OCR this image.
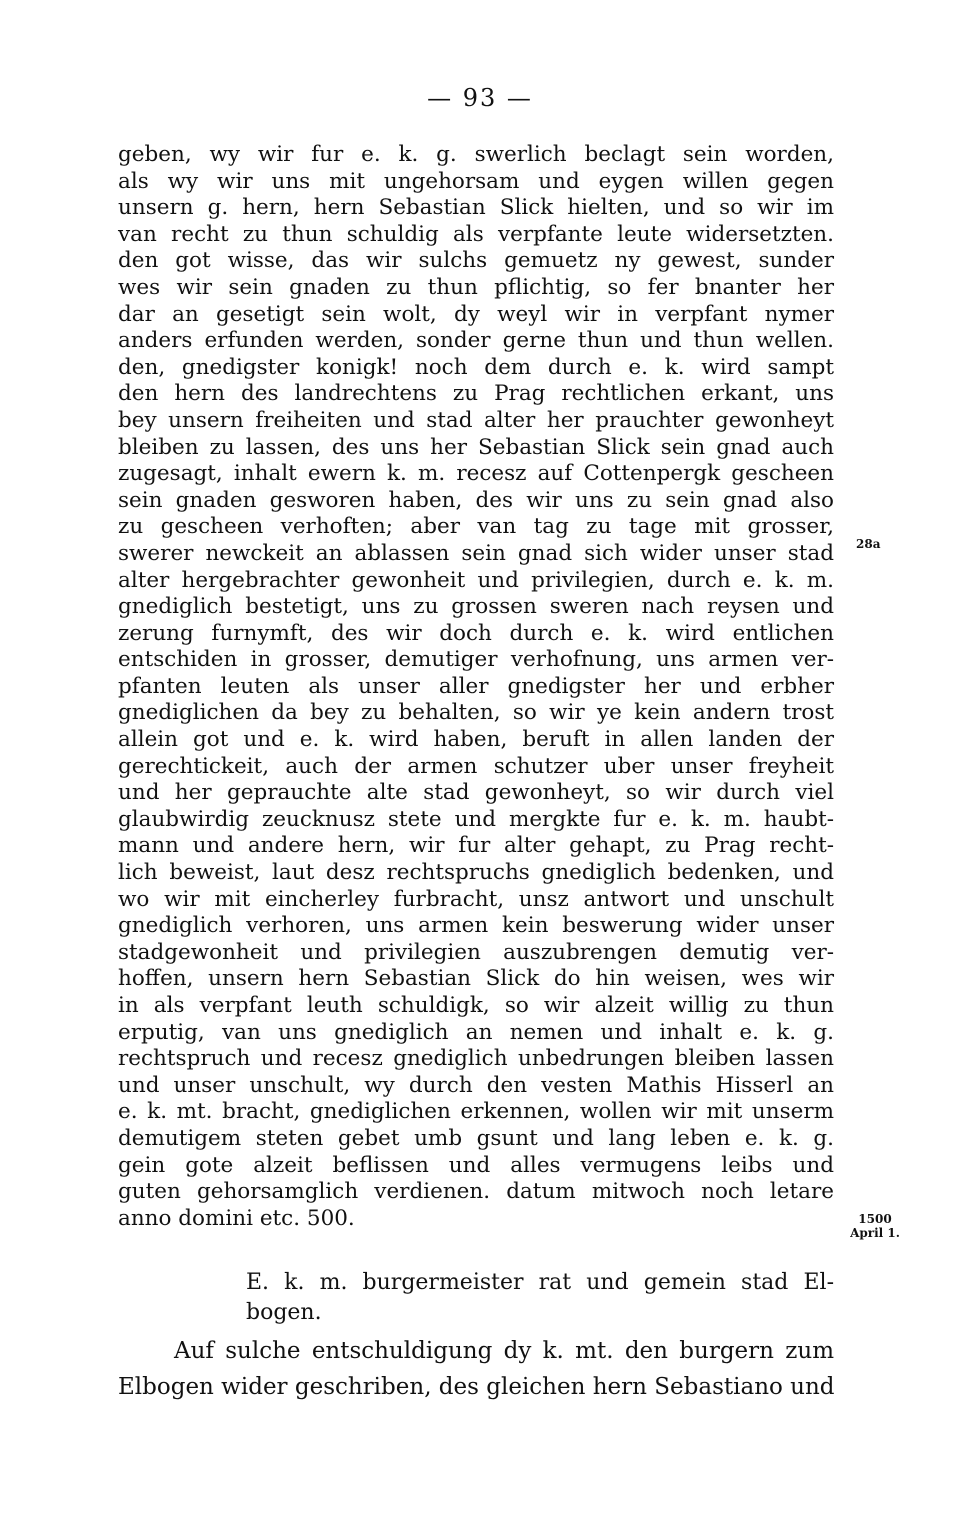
— 93 —
geben, wy wir fur e. k. g. swerlich beclagt sein worden,
als wy wir uns mit ungehorsam und eygen willen gegen
unsern g. hern, hern Sebastian Slick hielten, und so wir im
van recht zu thun schuldig als verpfante leute widersetzten.
den got wisse, das wir sulchs gemuetz ny gewest, sunder
wes wir sein gnaden zu thun pflichtig, so fer bnanter her
dar an gesetigt sein wolt, dy weyl wir in verpfant nymer
anders erfunden werden, sonder gerne thun und thun wellen.
den, gnedigster konigk! noch dem durch e. k. wird sampt
den hern des landrechtens zu Prag rechtlichen erkant, uns
bey unsern freiheiten und stad alter her prauchter gewonheyt
bleiben zu lassen, des uns her Sebastian Slick sein gnad auch
zugesagt, inhalt ewern k. m. recesz auf Cottenpergk gescheen
sein gnaden gesworen haben, des wir uns zu sein gnad also
zu gescheen verhoften; aber van tag zu tage mit grosser,
swerer newckeit an ablassen sein gnad sich wider unser stad
alter hergebrachter gewonheit und privilegien, durch e. k. m.
gnediglich bestetigt, uns zu grossen sweren nach reysen und
zerung furnymft, des wir doch durch e. k. wird entlichen
entschiden in grosser, demutiger verhofnung, uns armen ver-
pfanten leuten als unser aller gnedigster her und erbher
gnediglichen da bey zu behalten, so wir ye kein andern trost
allein got und e. k. wird haben, beruft in allen landen der
gerechtickeit, auch der armen schutzer uber unser freyheit
und her geprauchte alte stad gewonheyt, so wir durch viel
glaubwirdig zeucknusz stete und mergkte fur e. k. m. haubt-
mann und andere hern, wir fur alter gehapt, zu Prag recht-
lich beweist, laut desz rechtspruchs gnediglich bedenken, und
wo wir mit eincherley furbracht, unsz antwort und unschult
gnediglich verhoren, uns armen kein beswerung wider unser
stadgewonheit und privilegien auszubrengen demutig ver-
hoffen, unsern hern Sebastian Slick do hin weisen, wes wir
in als verpfant leuth schuldigk, so wir alzeit willig zu thun
erputig, van uns gnediglich an nemen und inhalt e. k. g.
rechtspruch und recesz gnediglich unbedrungen bleiben lassen
und unser unschult, wy durch den vesten Mathis Hisserl an
e. k. mt. bracht, gnediglichen erkennen, wollen wir mit unserm
demutigem steten gebet umb gsunt und lang leben e. k. g.
gein gote alzeit beflissen und alles vermugens leibs und
guten gehorsamglich verdienen. datum mitwoch noch letare
anno domini etc. 500.
E. k. m. burgermeister rat und gemein stad El-
bogen.
Auf sulche entschuldigung dy k. mt. den burgern zum
Elbogen wider geschriben, des gleichen hern Sebastiano und
28a
1500
April 1.
